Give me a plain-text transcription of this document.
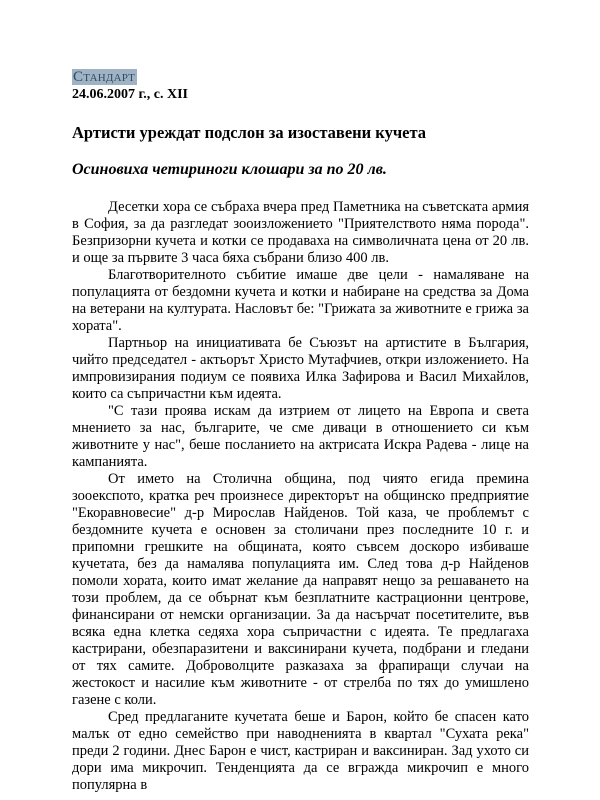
Стандарт
24.06.2007 г., с. XII
Артисти уреждат подслон за изоставени кучета
Осиновиха четириноги клошари за по 20 лв.

Десетки хора се събраха вчера пред Паметника на съветската армия в София, за да разгледат зооизложението "Приятелството няма порода". Безпризорни кучета и котки се продаваха на символичната цена от 20 лв. и още за първите 3 часа бяха събрани близо 400 лв.

Благотворителното събитие имаше две цели - намаляване на популацията от бездомни кучета и котки и набиране на средства за Дома на ветерани на културата. Насловът бе: "Грижата за животните е грижа за хората".

Партньор на инициативата бе Съюзът на артистите в България, чийто председател - актьорът Христо Мутафчиев, откри изложението. На импровизирания подиум се появиха Илка Зафирова и Васил Михайлов, които са съпричастни към идеята.

"С тази проява искам да изтрием от лицето на Европа и света мнението за нас, българите, че сме диваци в отношението си към животните у нас", беше посланието на актрисата Искра Радева - лице на кампанията.

От името на Столична община, под чиято егида премина зооекспото, кратка реч произнесе директорът на общинско предприятие "Екоравновесие" д-р Мирослав Найденов. Той каза, че проблемът с бездомните кучета е основен за столичани през последните 10 г. и припомни грешките на общината, която съвсем доскоро избиваше кучетата, без да намалява популацията им. След това д-р Найденов помоли хората, които имат желание да направят нещо за решаването на този проблем, да се обърнат към безплатните кастрационни центрове, финансирани от немски организации. За да насърчат посетителите, във всяка една клетка седяха хора съпричастни с идеята. Те предлагаха кастрирани, обезпаразитени и ваксинирани кучета, подбрани и гледани от тях самите. Доброволците разказаха за фрапиращи случаи на жестокост и насилие към животните - от стрелба по тях до умишлено газене с коли.

Сред предлаганите кучетата беше и Барон, който бе спасен като малък от едно семейство при наводненията в квартал "Сухата река" преди 2 години. Днес Барон е чист, кастриран и ваксиниран. Зад ухото си дори има микрочип. Тенденцията да се вгражда микрочип е много популярна в
